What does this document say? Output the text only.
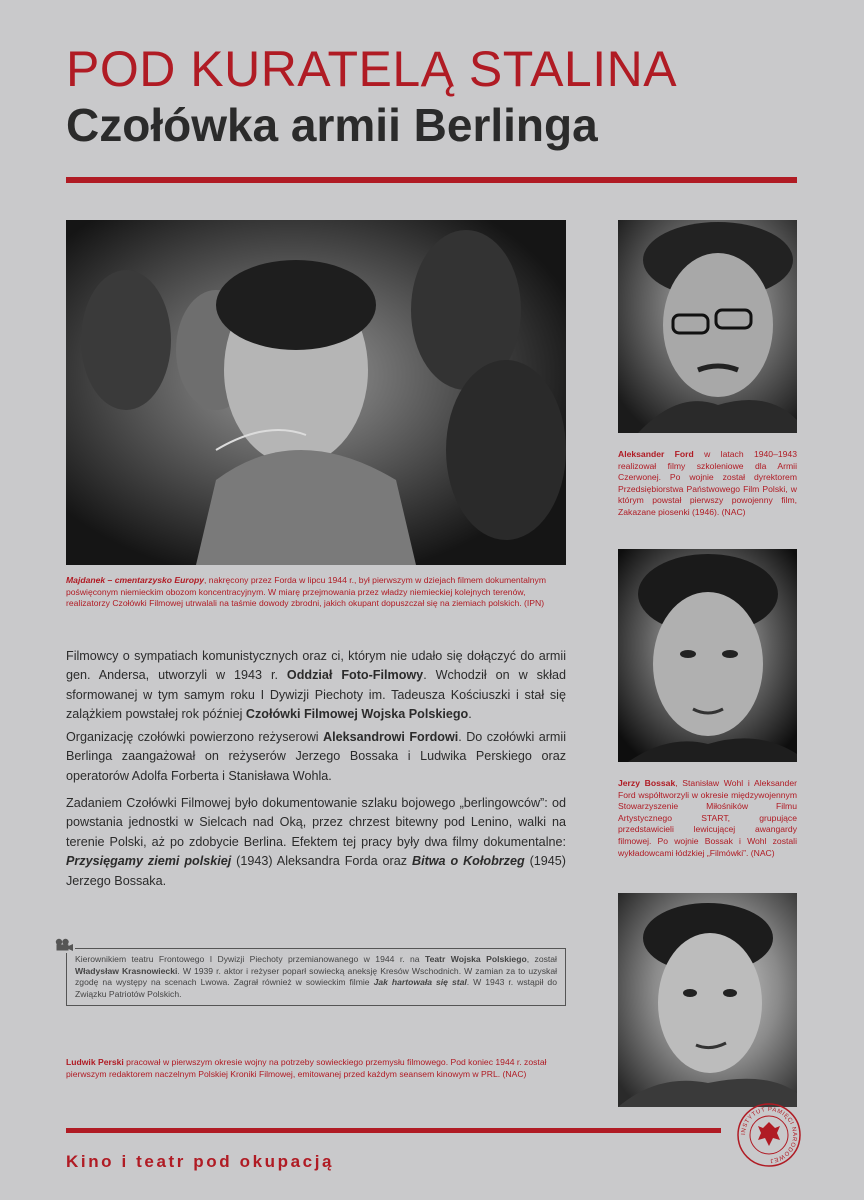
POD KURATELĄ STALINA
Czołówka armii Berlinga
Majdanek – cmentarzysko Europy, nakręcony przez Forda w lipcu 1944 r., był pierwszym w dziejach filmem dokumentalnym poświęconym niemieckim obozom koncentracyjnym. W miarę przejmowania przez władzy niemieckiej kolejnych terenów, realizatorzy Czołówki Filmowej utrwalali na taśmie dowody zbrodni, jakich okupant dopuszczał się na ziemiach polskich. (IPN)
Filmowcy o sympatiach komunistycznych oraz ci, którym nie udało się dołączyć do armii gen. Andersa, utworzyli w 1943 r. Oddział Foto-Filmowy. Wchodził on w skład sformowanej w tym samym roku I Dywizji Piechoty im. Tadeusza Kościuszki i stał się zalążkiem powstałej rok później Czołówki Filmowej Wojska Polskiego.
Organizację czołówki powierzono reżyserowi Aleksandrowi Fordowi. Do czołówki armii Berlinga zaangażował on reżyserów Jerzego Bossaka i Ludwika Perskiego oraz operatorów Adolfa Forberta i Stanisława Wohla.
Zadaniem Czołówki Filmowej było dokumentowanie szlaku bojowego „berlingowców”: od powstania jednostki w Sielcach nad Oką, przez chrzest bitewny pod Lenino, walki na terenie Polski, aż po zdobycie Berlina. Efektem tej pracy były dwa filmy dokumentalne: Przysięgamy ziemi polskiej (1943) Aleksandra Forda oraz Bitwa o Kołobrzeg (1945) Jerzego Bossaka.
Kierownikiem teatru Frontowego I Dywizji Piechoty przemianowanego w 1944 r. na Teatr Wojska Polskiego, został Władysław Krasnowiecki. W 1939 r. aktor i reżyser poparł sowiecką aneksję Kresów Wschodnich. W zamian za to uzyskał zgodę na występy na scenach Lwowa. Zagrał również w sowieckim filmie Jak hartowała się stal. W 1943 r. wstąpił do Związku Patriotów Polskich.
Aleksander Ford w latach 1940–1943 realizował filmy szkoleniowe dla Armii Czerwonej. Po wojnie został dyrektorem Przedsiębiorstwa Państwowego Film Polski, w którym powstał pierwszy powojenny film, Zakazane piosenki (1946). (NAC)
Jerzy Bossak, Stanisław Wohl i Aleksander Ford współtworzyli w okresie międzywojennym Stowarzyszenie Miłośników Filmu Artystycznego START, grupujące przedstawicieli lewicującej awangardy filmowej. Po wojnie Bossak i Wohl zostali wykładowcami łódzkiej „Filmówki”. (NAC)
Ludwik Perski pracował w pierwszym okresie wojny na potrzeby sowieckiego przemysłu filmowego. Pod koniec 1944 r. został pierwszym redaktorem naczelnym Polskiej Kroniki Filmowej, emitowanej przed każdym seansem kinowym w PRL. (NAC)
Kino i teatr pod okupacją
INSTYTUT PAMIĘCI NARODOWEJ
